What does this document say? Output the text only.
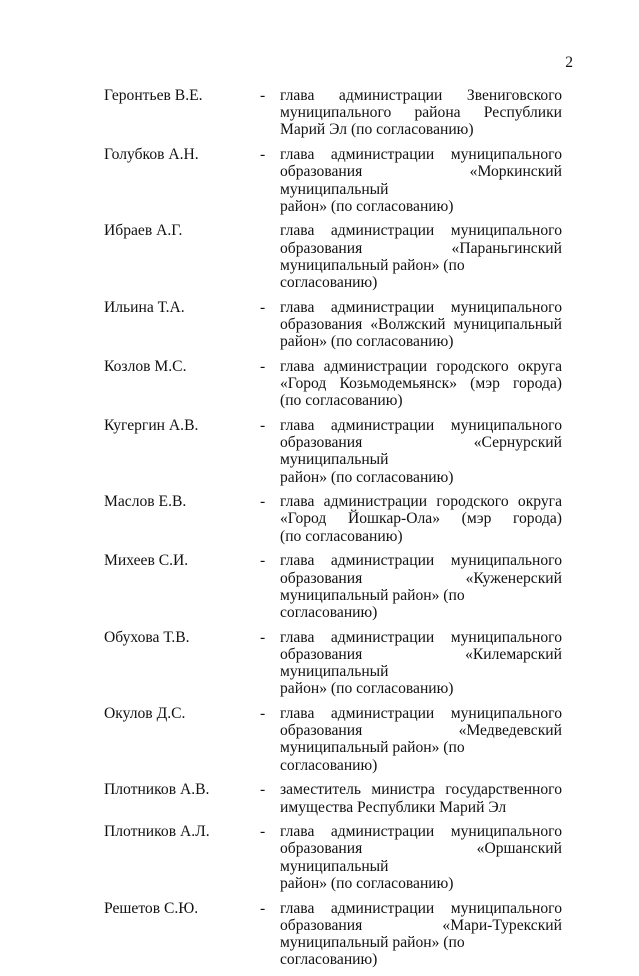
2
Геронтьев В.Е.	- глава администрации Звениговского
муниципального района Республики
Марий Эл (по согласованию)
Голубков А.Н.	- глава администрации муниципального
образования «Моркинский муниципальный
район» (по согласованию)
Ибраев А.Г.	глава администрации муниципального
образования «Параньгинский
муниципальный район» (по согласованию)
Ильина Т.А.	- глава администрации муниципального
образования «Волжский муниципальный
район» (по согласованию)
Козлов М.С.	- глава администрации городского округа
«Город Козьмодемьянск» (мэр города)
(по согласованию)
Кугергин А.В.	- глава администрации муниципального
образования «Сернурский муниципальный
район» (по согласованию)
Маслов Е.В.	- глава администрации городского округа
«Город Йошкар-Ола» (мэр города)
(по согласованию)
Михеев С.И.	- глава администрации муниципального
образования «Куженерский
муниципальный район» (по согласованию)
Обухова Т.В.	- глава администрации муниципального
образования «Килемарский муниципальный
район» (по согласованию)
Окулов Д.С.	- глава администрации муниципального
образования «Медведевский
муниципальный район» (по согласованию)
Плотников А.В.	- заместитель министра государственного
имущества Республики Марий Эл
Плотников А.Л.	- глава администрации муниципального
образования «Оршанский муниципальный
район» (по согласованию)
Решетов С.Ю.	- глава администрации муниципального
образования «Мари-Турекский
муниципальный район» (по согласованию)
